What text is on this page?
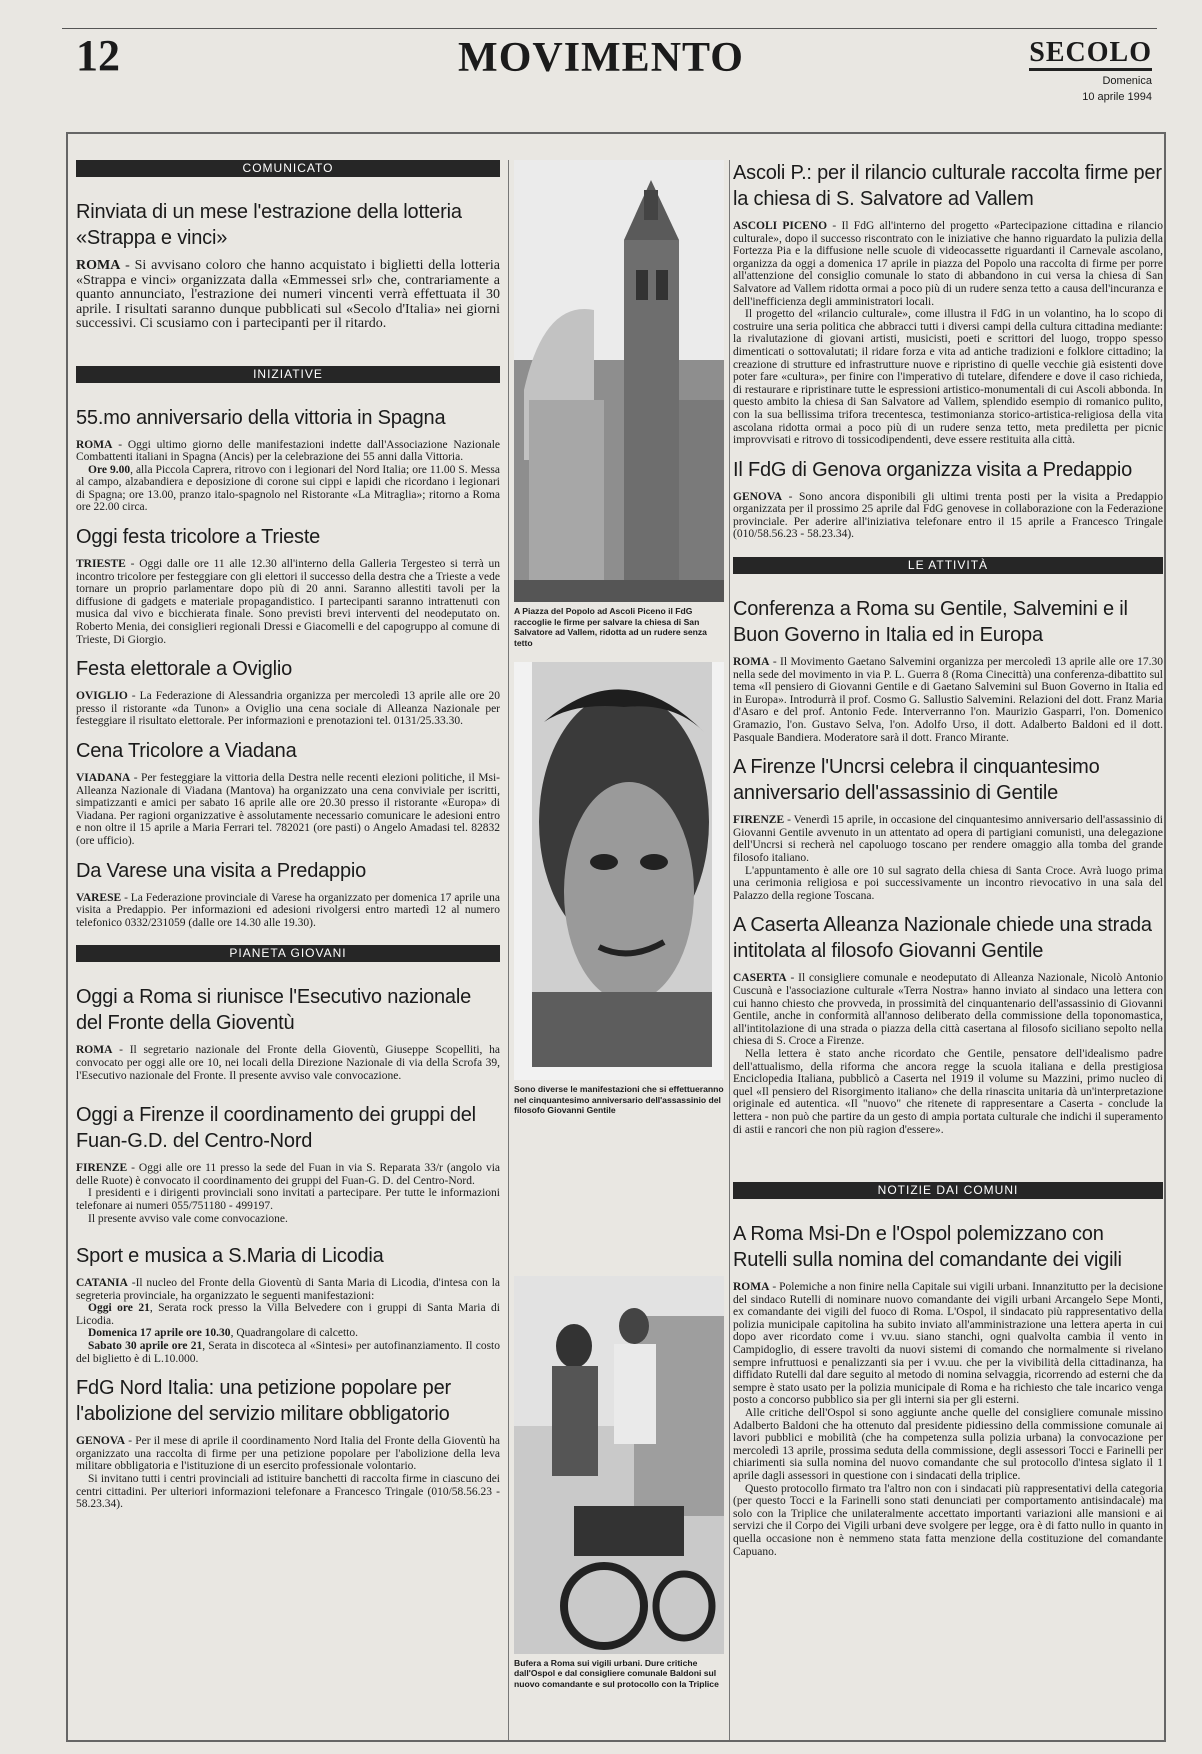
12	MOVIMENTO	SECOLO
Domenica
10 aprile 1994
COMUNICATO
Rinviata di un mese l'estrazione della lotteria «Strappa e vinci»

ROMA - Si avvisano coloro che hanno acquistato i biglietti della lotteria «Strappa e vinci» organizzata dalla «Emmessei srl» che, contrariamente a quanto annunciato, l'estrazione dei numeri vincenti verrà effettuata il 30 aprile. I risultati saranno dunque pubblicati sul «Secolo d'Italia» nei giorni successivi. Ci scusiamo con i partecipanti per il ritardo.

INIZIATIVE
55.mo anniversario della vittoria in Spagna

ROMA - Oggi ultimo giorno delle manifestazioni indette dall'Associazione Nazionale Combattenti italiani in Spagna (Ancis) per la celebrazione dei 55 anni dalla Vittoria.

Ore 9.00, alla Piccola Caprera, ritrovo con i legionari del Nord Italia; ore 11.00 S. Messa al campo, alzabandiera e deposizione di corone sui cippi e lapidi che ricordano i legionari di Spagna; ore 13.00, pranzo italo-spagnolo nel Ristorante «La Mitraglia»; ritorno a Roma ore 22.00 circa.

Oggi festa tricolore a Trieste

TRIESTE - Oggi dalle ore 11 alle 12.30 all'interno della Galleria Tergesteo si terrà un incontro tricolore per festeggiare con gli elettori il successo della destra che a Trieste a vede tornare un proprio parlamentare dopo più di 20 anni. Saranno allestiti tavoli per la diffusione di gadgets e materiale propagandistico. I partecipanti saranno intrattenuti con musica dal vivo e bicchierata finale. Sono previsti brevi interventi del neodeputato on. Roberto Menia, dei consiglieri regionali Dressi e Giacomelli e del capogruppo al comune di Trieste, Di Giorgio.

Festa elettorale a Oviglio

OVIGLIO - La Federazione di Alessandria organizza per mercoledì 13 aprile alle ore 20 presso il ristorante «da Tunon» a Oviglio una cena sociale di Alleanza Nazionale per festeggiare il risultato elettorale. Per informazioni e prenotazioni tel. 0131/25.33.30.

Cena Tricolore a Viadana

VIADANA - Per festeggiare la vittoria della Destra nelle recenti elezioni politiche, il Msi-Alleanza Nazionale di Viadana (Mantova) ha organizzato una cena conviviale per iscritti, simpatizzanti e amici per sabato 16 aprile alle ore 20.30 presso il ristorante «Europa» di Viadana. Per ragioni organizzative è assolutamente necessario comunicare le adesioni entro e non oltre il 15 aprile a Maria Ferrari tel. 782021 (ore pasti) o Angelo Amadasi tel. 82832 (ore ufficio).

Da Varese una visita a Predappio

VARESE - La Federazione provinciale di Varese ha organizzato per domenica 17 aprile una visita a Predappio. Per informazioni ed adesioni rivolgersi entro martedì 12 al numero telefonico 0332/231059 (dalle ore 14.30 alle 19.30).

PIANETA GIOVANI
Oggi a Roma si riunisce l'Esecutivo nazionale del Fronte della Gioventù

ROMA - Il segretario nazionale del Fronte della Gioventù, Giuseppe Scopelliti, ha convocato per oggi alle ore 10, nei locali della Direzione Nazionale di via della Scrofa 39, l'Esecutivo nazionale del Fronte. Il presente avviso vale convocazione.

Oggi a Firenze il coordinamento dei gruppi del Fuan-G.D. del Centro-Nord

FIRENZE - Oggi alle ore 11 presso la sede del Fuan in via S. Reparata 33/r (angolo via delle Ruote) è convocato il coordinamento dei gruppi del Fuan-G. D. del Centro-Nord.

I presidenti e i dirigenti provinciali sono invitati a partecipare. Per tutte le informazioni telefonare ai numeri 055/751180 - 499197.

Il presente avviso vale come convocazione.

Sport e musica a S.Maria di Licodia

CATANIA -Il nucleo del Fronte della Gioventù di Santa Maria di Licodia, d'intesa con la segreteria provinciale, ha organizzato le seguenti manifestazioni:

Oggi ore 21, Serata rock presso la Villa Belvedere con i gruppi di Santa Maria di Licodia.

Domenica 17 aprile ore 10.30, Quadrangolare di calcetto.

Sabato 30 aprile ore 21, Serata in discoteca al «Sintesi» per autofinanziamento. Il costo del biglietto è di L.10.000.

FdG Nord Italia: una petizione popolare per l'abolizione del servizio militare obbligatorio

GENOVA - Per il mese di aprile il coordinamento Nord Italia del Fronte della Gioventù ha organizzato una raccolta di firme per una petizione popolare per l'abolizione della leva militare obbligatoria e l'istituzione di un esercito professionale volontario.

Si invitano tutti i centri provinciali ad istituire banchetti di raccolta firme in ciascuno dei centri cittadini. Per ulteriori informazioni telefonare a Francesco Tringale (010/58.56.23 - 58.23.34).

A Piazza del Popolo ad Ascoli Piceno il FdG raccoglie le firme per salvare la chiesa di San Salvatore ad Vallem, ridotta ad un rudere senza tetto
Sono diverse le manifestazioni che si effettueranno nel cinquantesimo anniversario dell'assassinio del filosofo Giovanni Gentile
Bufera a Roma sui vigili urbani. Dure critiche dall'Ospol e dal consigliere comunale Baldoni sul nuovo comandante e sul protocollo con la Triplice
Ascoli P.: per il rilancio culturale raccolta firme per la chiesa di S. Salvatore ad Vallem

ASCOLI PICENO - Il FdG all'interno del progetto «Partecipazione cittadina e rilancio culturale», dopo il successo riscontrato con le iniziative che hanno riguardato la pulizia della Fortezza Pia e la diffusione nelle scuole di videocassette riguardanti il Carnevale ascolano, organizza da oggi a domenica 17 aprile in piazza del Popolo una raccolta di firme per porre all'attenzione del consiglio comunale lo stato di abbandono in cui versa la chiesa di San Salvatore ad Vallem ridotta ormai a poco più di un rudere senza tetto a causa dell'incuranza e dell'inefficienza degli amministratori locali.

Il progetto del «rilancio culturale», come illustra il FdG in un volantino, ha lo scopo di costruire una seria politica che abbracci tutti i diversi campi della cultura cittadina mediante: la rivalutazione di giovani artisti, musicisti, poeti e scrittori del luogo, troppo spesso dimenticati o sottovalutati; il ridare forza e vita ad antiche tradizioni e folklore cittadino; la creazione di strutture ed infrastrutture nuove e ripristino di quelle vecchie già esistenti dove poter fare «cultura», per finire con l'imperativo di tutelare, difendere e dove il caso richieda, di restaurare e ripristinare tutte le espressioni artistico-monumentali di cui Ascoli abbonda. In questo ambito la chiesa di San Salvatore ad Vallem, splendido esempio di romanico pulito, con la sua bellissima trifora trecentesca, testimonianza storico-artistica-religiosa della vita ascolana ridotta ormai a poco più di un rudere senza tetto, meta prediletta per picnic improvvisati e ritrovo di tossicodipendenti, deve essere restituita alla città.

Il FdG di Genova organizza visita a Predappio

GENOVA - Sono ancora disponibili gli ultimi trenta posti per la visita a Predappio organizzata per il prossimo 25 aprile dal FdG genovese in collaborazione con la Federazione provinciale. Per aderire all'iniziativa telefonare entro il 15 aprile a Francesco Tringale (010/58.56.23 - 58.23.34).

LE ATTIVITÀ
Conferenza a Roma su Gentile, Salvemini e il Buon Governo in Italia ed in Europa

ROMA - Il Movimento Gaetano Salvemini organizza per mercoledì 13 aprile alle ore 17.30 nella sede del movimento in via P. L. Guerra 8 (Roma Cinecittà) una conferenza-dibattito sul tema «Il pensiero di Giovanni Gentile e di Gaetano Salvemini sul Buon Governo in Italia ed in Europa». Introdurrà il prof. Cosmo G. Sallustio Salvemini. Relazioni del dott. Franz Maria d'Asaro e del prof. Antonio Fede. Interverranno l'on. Maurizio Gasparri, l'on. Domenico Gramazio, l'on. Gustavo Selva, l'on. Adolfo Urso, il dott. Adalberto Baldoni ed il dott. Pasquale Bandiera. Moderatore sarà il dott. Franco Mirante.

A Firenze l'Uncrsi celebra il cinquantesimo anniversario dell'assassinio di Gentile

FIRENZE - Venerdì 15 aprile, in occasione del cinquantesimo anniversario dell'assassinio di Giovanni Gentile avvenuto in un attentato ad opera di partigiani comunisti, una delegazione dell'Uncrsi si recherà nel capoluogo toscano per rendere omaggio alla tomba del grande filosofo italiano.

L'appuntamento è alle ore 10 sul sagrato della chiesa di Santa Croce. Avrà luogo prima una cerimonia religiosa e poi successivamente un incontro rievocativo in una sala del Palazzo della regione Toscana.

A Caserta Alleanza Nazionale chiede una strada intitolata al filosofo Giovanni Gentile

CASERTA - Il consigliere comunale e neodeputato di Alleanza Nazionale, Nicolò Antonio Cuscunà e l'associazione culturale «Terra Nostra» hanno inviato al sindaco una lettera con cui hanno chiesto che provveda, in prossimità del cinquantenario dell'assassinio di Giovanni Gentile, anche in conformità all'annoso deliberato della commissione della toponomastica, all'intitolazione di una strada o piazza della città casertana al filosofo siciliano sepolto nella chiesa di S. Croce a Firenze.

Nella lettera è stato anche ricordato che Gentile, pensatore dell'idealismo padre dell'attualismo, della riforma che ancora regge la scuola italiana e della prestigiosa Enciclopedia Italiana, pubblicò a Caserta nel 1919 il volume su Mazzini, primo nucleo di quel «Il pensiero del Risorgimento italiano» che della rinascita unitaria dà un'interpretazione originale ed autentica. «Il "nuovo" che ritenete di rappresentare a Caserta - conclude la lettera - non può che partire da un gesto di ampia portata culturale che indichi il superamento di astii e rancori che non più ragion d'essere».

NOTIZIE DAI COMUNI
A Roma Msi-Dn e l'Ospol polemizzano con Rutelli sulla nomina del comandante dei vigili

ROMA - Polemiche a non finire nella Capitale sui vigili urbani. Innanzitutto per la decisione del sindaco Rutelli di nominare nuovo comandante dei vigili urbani Arcangelo Sepe Monti, ex comandante dei vigili del fuoco di Roma. L'Ospol, il sindacato più rappresentativo della polizia municipale capitolina ha subito inviato all'amministrazione una lettera aperta in cui dopo aver ricordato come i vv.uu. siano stanchi, ogni qualvolta cambia il vento in Campidoglio, di essere travolti da nuovi sistemi di comando che normalmente si rivelano sempre infruttuosi e penalizzanti sia per i vv.uu. che per la vivibilità della cittadinanza, ha diffidato Rutelli dal dare seguito al metodo di nomina selvaggia, ricorrendo ad esterni che da sempre è stato usato per la polizia municipale di Roma e ha richiesto che tale incarico venga posto a concorso pubblico sia per gli interni sia per gli esterni.

Alle critiche dell'Ospol si sono aggiunte anche quelle del consigliere comunale missino Adalberto Baldoni che ha ottenuto dal presidente pidiessino della commissione comunale ai lavori pubblici e mobilità (che ha competenza sulla polizia urbana) la convocazione per mercoledì 13 aprile, prossima seduta della commissione, degli assessori Tocci e Farinelli per chiarimenti sia sulla nomina del nuovo comandante che sul protocollo d'intesa siglato il 1 aprile dagli assessori in questione con i sindacati della triplice.

Questo protocollo firmato tra l'altro non con i sindacati più rappresentativi della categoria (per questo Tocci e la Farinelli sono stati denunciati per comportamento antisindacale) ma solo con la Triplice che unilateralmente accettato importanti variazioni alle mansioni e ai servizi che il Corpo dei Vigili urbani deve svolgere per legge, ora è di fatto nullo in quanto in quella occasione non è nemmeno stata fatta menzione della costituzione del comandante Capuano.
